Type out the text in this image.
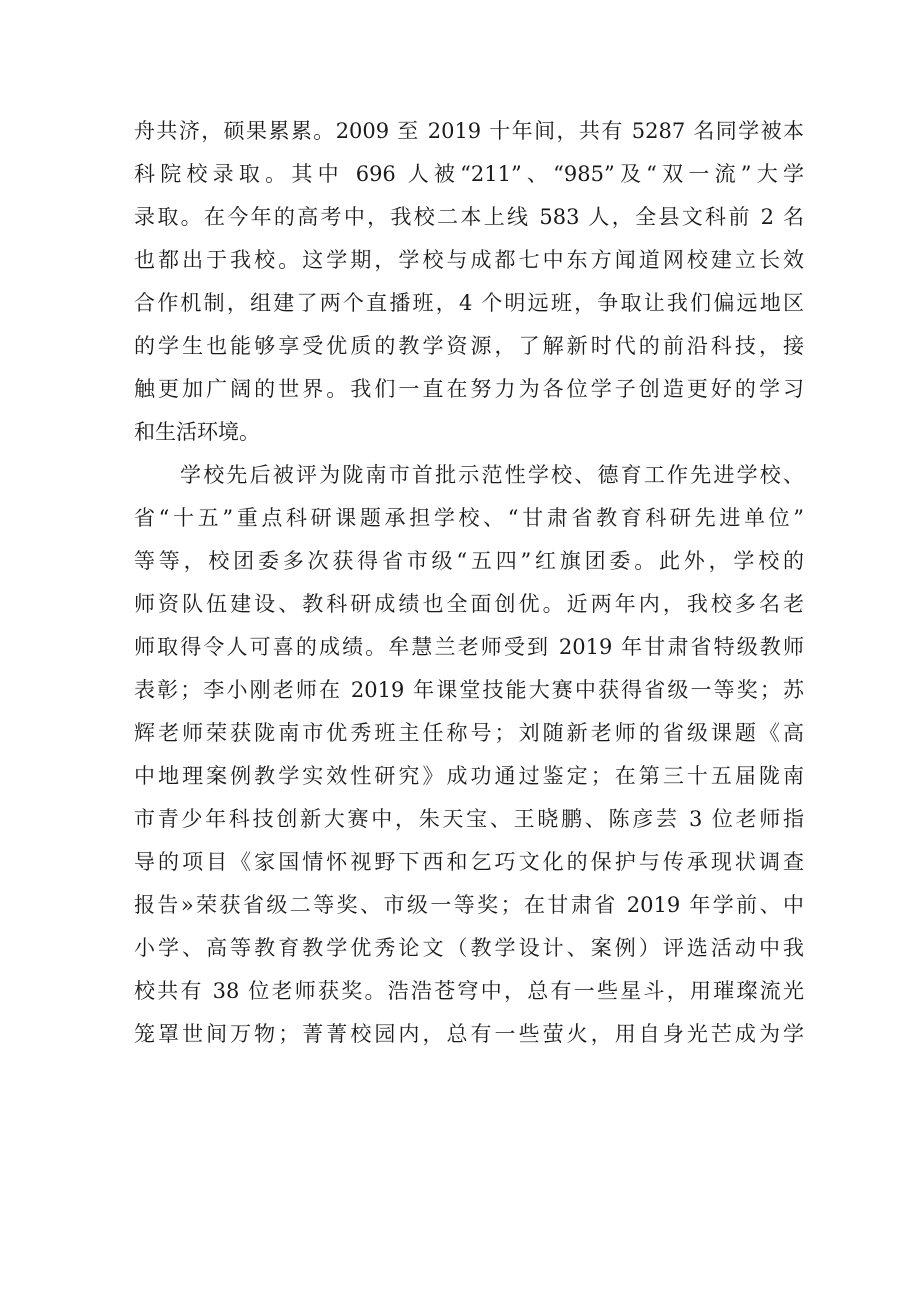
舟共济，硕果累累。2009 至 2019 十年间，共有 5287 名同学被本
科院校录取。其中 696 人被“211”、“985”及“双一流”大学
录取。在今年的高考中，我校二本上线 583 人，全县文科前 2 名
也都出于我校。这学期，学校与成都七中东方闻道网校建立长效
合作机制，组建了两个直播班，4 个明远班，争取让我们偏远地区
的学生也能够享受优质的教学资源，了解新时代的前沿科技，接
触更加广阔的世界。我们一直在努力为各位学子创造更好的学习
和生活环境。
学校先后被评为陇南市首批示范性学校、德育工作先进学校、
省“十五”重点科研课题承担学校、“甘肃省教育科研先进单位”
等等，校团委多次获得省市级“五四”红旗团委。此外，学校的
师资队伍建设、教科研成绩也全面创优。近两年内，我校多名老
师取得令人可喜的成绩。牟慧兰老师受到 2019 年甘肃省特级教师
表彰；李小刚老师在 2019 年课堂技能大赛中获得省级一等奖；苏
辉老师荣获陇南市优秀班主任称号；刘随新老师的省级课题《高
中地理案例教学实效性研究》成功通过鉴定；在第三十五届陇南
市青少年科技创新大赛中，朱天宝、王晓鹏、陈彦芸 3 位老师指
导的项目《家国情怀视野下西和乞巧文化的保护与传承现状调查
报告»荣获省级二等奖、市级一等奖；在甘肃省 2019 年学前、中
小学、高等教育教学优秀论文（教学设计、案例）评选活动中我
校共有 38 位老师获奖。浩浩苍穹中，总有一些星斗，用璀璨流光
笼罩世间万物；菁菁校园内，总有一些萤火，用自身光芒成为学
